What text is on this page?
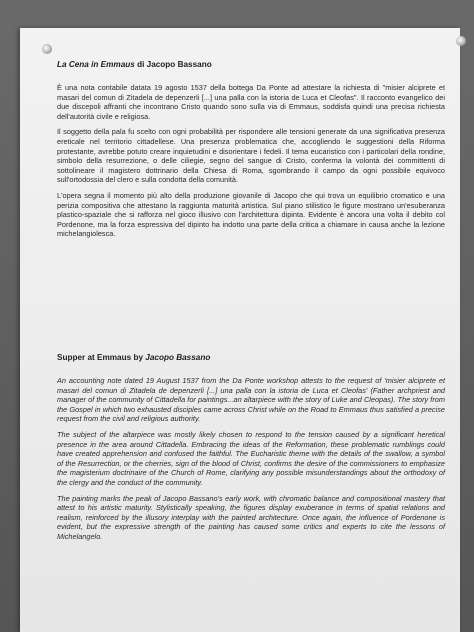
La Cena in Emmaus di Jacopo Bassano

È una nota contabile datata 19 agosto 1537 della bottega Da Ponte ad attestare la richiesta di "misier alcipretе et masari del comun di Zitadela de depenzerli [...] una palla con la istoria de Luca et Cleofas". Il racconto evangelico dei due discepoli affranti che incontrano Cristo quando sono sulla via di Emmaus, soddisfa quindi una precisa richiesta dell'autorità civile e religiosa.

Il soggetto della pala fu scelto con ogni probabilità per rispondere alle tensioni generate da una significativa presenza ereticale nel territorio cittadellese. Una presenza problematica che, accogliendo le suggestioni della Riforma protestante, avrebbe potuto creare inquietudini e disorientare i fedeli. Il tema eucaristico con i particolari della rondine, simbolo della resurrezione, o delle ciliegie, segno del sangue di Cristo, conferma la volontà dei committenti di sottolineare il magistero dottrinario della Chiesa di Roma, sgombrando il campo da ogni possibile equivoco sull'ortodossia del clero e sulla condotta della comunità.

L'opera segna il momento più alto della produzione giovanile di Jacopo che qui trova un equilibrio cromatico e una perizia compositiva che attestano la raggiunta maturità artistica. Sul piano stilistico le figure mostrano un'esuberanza plastico-spaziale che si rafforza nel gioco illusivo con l'architettura dipinta. Evidente è ancora una volta il debito col Pordenone, ma la forza espressiva del dipinto ha indotto una parte della critica a chiamare in causa anche la lezione michelangiolesca.

Supper at Emmaus by Jacopo Bassano

An accounting note dated 19 August 1537 from the Da Ponte workshop attests to the request of 'misier alciprete et masari del comun di Zitadela de depenzerli [...] una palla con la istoria de Luca et Cleofas' (Father archpriest and manager of the community of Cittadella for paintings...an altarpiece with the story of Luke and Cleopas). The story from the Gospel in which two exhausted disciples came across Christ while on the Road to Emmaus thus satisfied a precise request from the civil and religious authority.

The subject of the altarpiece was mostly likely chosen to respond to the tension caused by a significant heretical presence in the area around Cittadella. Embracing the ideas of the Reformation, these problematic rumblings could have created apprehension and confused the faithful. The Eucharistic theme with the details of the swallow, a symbol of the Resurrection, or the cherries, sign of the blood of Christ, confirms the desire of the commissioners to emphasize the magisterium doctrinaire of the Church of Rome, clarifying any possible misunderstandings about the orthodoxy of the clergy and the conduct of the community.

The painting marks the peak of Jacopo Bassano's early work, with chromatic balance and compositional mastery that attest to his artistic maturity. Stylistically speaking, the figures display exuberance in terms of spatial relations and realism, reinforced by the illusory interplay with the painted architecture. Once again, the influence of Pordenone is evident, but the expressive strength of the painting has caused some critics and experts to cite the lessons of Michelangelo.
